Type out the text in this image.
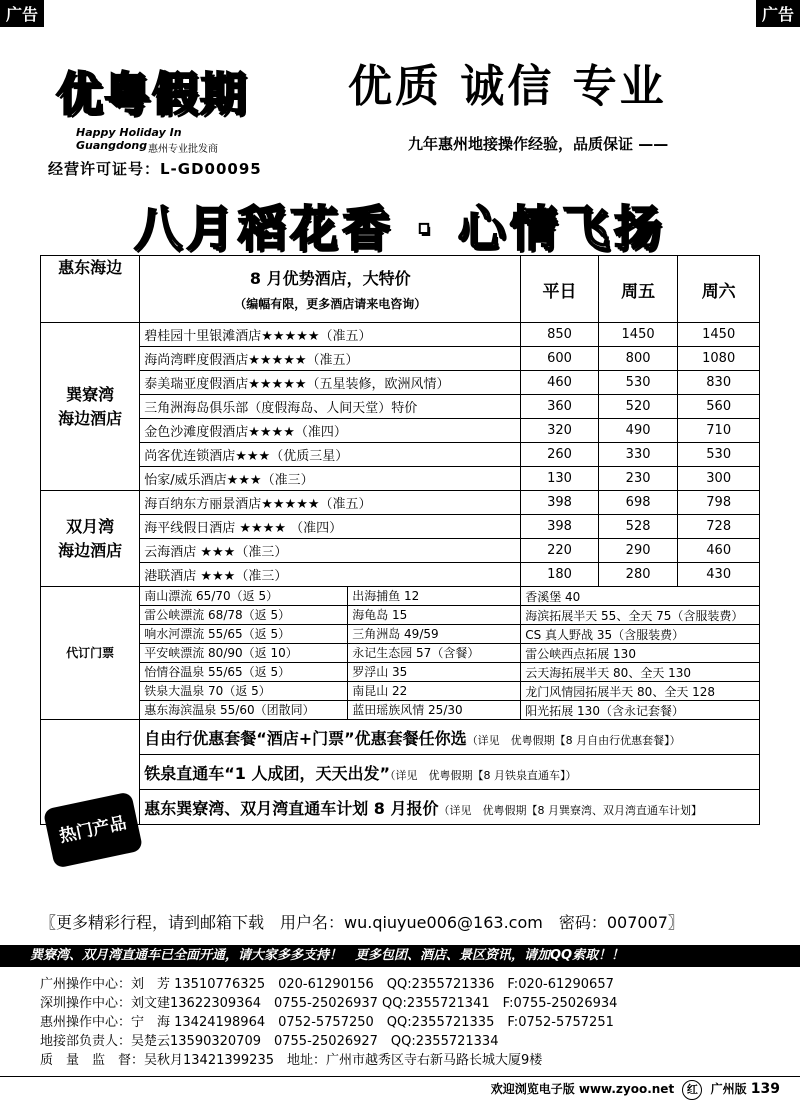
广告	广告
优粤假期
Happy Holiday In Guangdong 惠州专业批发商
经营许可证号：L-GD00095
优质 诚信 专业
九年惠州地接操作经验，品质保证 ——
八月稻花香 · 心情飞扬
惠东海边	8 月优势酒店，大特价
（编幅有限，更多酒店请来电咨询）	平日	周五	周六
巽寮湾
海边酒店	碧桂园十里银滩酒店★★★★★（准五）	850	1450	1450
	海尚湾畔度假酒店★★★★★（准五）	600	800	1080
	泰美瑞亚度假酒店★★★★★（五星装修，欧洲风情）	460	530	830
	三角洲海岛俱乐部（度假海岛、人间天堂）特价	360	520	560
	金色沙滩度假酒店★★★★（准四）	320	490	710
	尚客优连锁酒店★★★（优质三星）	260	330	530
	怡家/威乐酒店★★★（准三）	130	230	300
双月湾
海边酒店	海百纳东方丽景酒店★★★★★（准五）	398	698	798
	海平线假日酒店 ★★★★ （准四）	398	528	728
	云海酒店 ★★★（准三）	220	290	460
	港联酒店 ★★★（准三）	180	280	430
代订门票	南山漂流 65/70（返 5） 出海捕鱼 12	香溪堡 40		

	雷公峡漂流 68/78（返 5） 海龟岛 15	海滨拓展半天 55、全天 75（含服装费）		

	响水河漂流 55/65（返 5） 三角洲岛 49/59	CS 真人野战 35（含服装费）		

	平安峡漂流 80/90（返 10） 永记生态园 57（含餐）	雷公峡西点拓展 130		

	怡情谷温泉 55/65（返 5） 罗浮山 35	云天海拓展半天 80、全天 130		

	铁泉大温泉 70（返 5） 南昆山 22	龙门风情园拓展半天 80、全天 128		

	惠东海滨温泉 55/60（团散同） 蓝田瑶族风情 25/30	阳光拓展 130（含永记套餐）		
	自由行优惠套餐“酒店+门票”优惠套餐任你选（详见　优粤假期【8 月自由行优惠套餐】）			
	铁泉直通车“1 人成团，天天出发”（详见　优粤假期【8 月铁泉直通车】）			
	惠东巽寮湾、双月湾直通车计划 8 月报价（详见　优粤假期【8 月巽寮湾、双月湾直通车计划】			
热门产品
〖更多精彩行程，请到邮箱下载　用户名：wu.qiuyue006@163.com　密码：007007〗
巽寮湾、双月湾直通车已全面开通，请大家多多支持！　更多包团、酒店、景区资讯，请加QQ索取！！
广州操作中心：刘　芳 13510776325　020-61290156　QQ:2355721336　F:020-61290657
深圳操作中心：刘文建13622309364　0755-25026937 QQ:2355721341　F:0755-25026934
惠州操作中心：宁　海 13424198964　0752-5757250　QQ:2355721335　F:0752-5757251
地接部负责人：吴楚云13590320709　0755-25026927　QQ:2355721334
质　量　监　督：吴秋月13421399235　地址：广州市越秀区寺右新马路长城大厦9楼
欢迎浏览电子版 www.zyoo.net 红 广州版 139
